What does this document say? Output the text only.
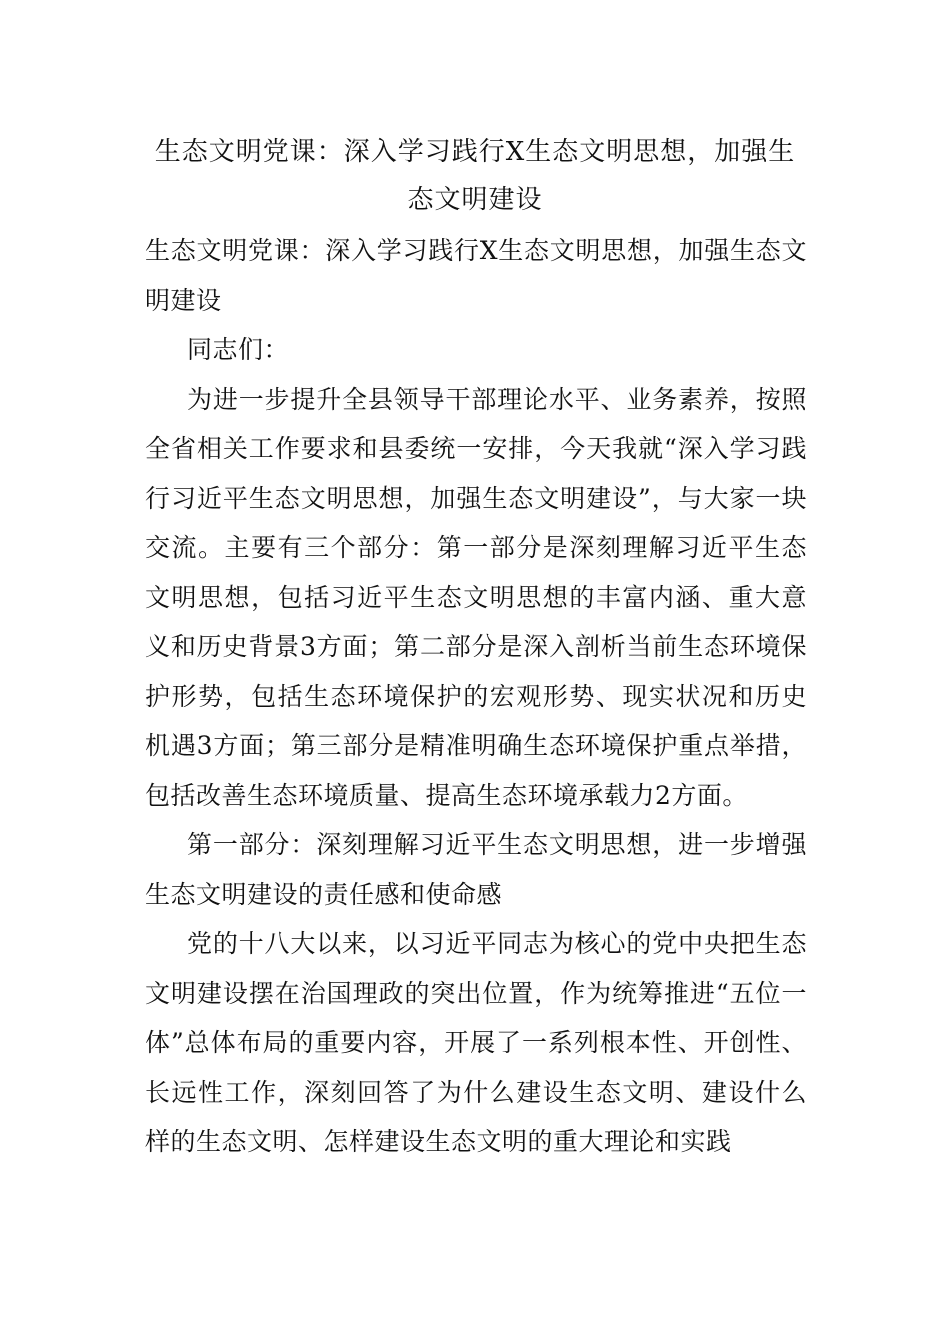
生态文明党课：深入学习践行X生态文明思想，加强生态文明建设

生态文明党课：深入学习践行X生态文明思想，加强生态文明建设

同志们：

为进一步提升全县领导干部理论水平、业务素养，按照全省相关工作要求和县委统一安排，今天我就“深入学习践行习近平生态文明思想，加强生态文明建设”，与大家一块交流。主要有三个部分：第一部分是深刻理解习近平生态文明思想，包括习近平生态文明思想的丰富内涵、重大意义和历史背景3方面；第二部分是深入剖析当前生态环境保护形势，包括生态环境保护的宏观形势、现实状况和历史机遇3方面；第三部分是精准明确生态环境保护重点举措，包括改善生态环境质量、提高生态环境承载力2方面。

第一部分：深刻理解习近平生态文明思想，进一步增强生态文明建设的责任感和使命感

党的十八大以来，以习近平同志为核心的党中央把生态文明建设摆在治国理政的突出位置，作为统筹推进“五位一体”总体布局的重要内容，开展了一系列根本性、开创性、长远性工作，深刻回答了为什么建设生态文明、建设什么样的生态文明、怎样建设生态文明的重大理论和实践
